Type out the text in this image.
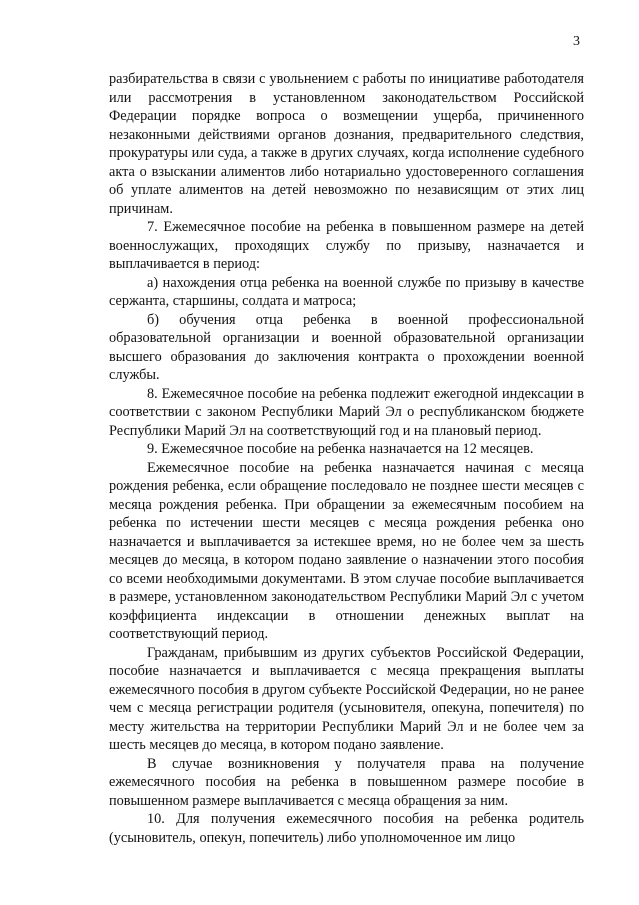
3

разбирательства в связи с увольнением с работы по инициативе работодателя или рассмотрения в установленном законодательством Российской Федерации порядке вопроса о возмещении ущерба, причиненного незаконными действиями органов дознания, предварительного следствия, прокуратуры или суда, а также в других случаях, когда исполнение судебного акта о взыскании алиментов либо нотариально удостоверенного соглашения об уплате алиментов на детей невозможно по независящим от этих лиц причинам.

7. Ежемесячное пособие на ребенка в повышенном размере на детей военнослужащих, проходящих службу по призыву, назначается и выплачивается в период:

а) нахождения отца ребенка на военной службе по призыву в качестве сержанта, старшины, солдата и матроса;

б) обучения отца ребенка в военной профессиональной образовательной организации и военной образовательной организации высшего образования до заключения контракта о прохождении военной службы.

8. Ежемесячное пособие на ребенка подлежит ежегодной индексации в соответствии с законом Республики Марий Эл о республиканском бюджете Республики Марий Эл на соответствующий год и на плановый период.

9. Ежемесячное пособие на ребенка назначается на 12 месяцев.

Ежемесячное пособие на ребенка назначается начиная с месяца рождения ребенка, если обращение последовало не позднее шести месяцев с месяца рождения ребенка. При обращении за ежемесячным пособием на ребенка по истечении шести месяцев с месяца рождения ребенка оно назначается и выплачивается за истекшее время, но не более чем за шесть месяцев до месяца, в котором подано заявление о назначении этого пособия со всеми необходимыми документами. В этом случае пособие выплачивается в размере, установленном законодательством Республики Марий Эл с учетом коэффициента индексации в отношении денежных выплат на соответствующий период.

Гражданам, прибывшим из других субъектов Российской Федерации, пособие назначается и выплачивается с месяца прекращения выплаты ежемесячного пособия в другом субъекте Российской Федерации, но не ранее чем с месяца регистрации родителя (усыновителя, опекуна, попечителя) по месту жительства на территории Республики Марий Эл и не более чем за шесть месяцев до месяца, в котором подано заявление.

В случае возникновения у получателя права на получение ежемесячного пособия на ребенка в повышенном размере пособие в повышенном размере выплачивается с месяца обращения за ним.

10. Для получения ежемесячного пособия на ребенка родитель (усыновитель, опекун, попечитель) либо уполномоченное им лицо
